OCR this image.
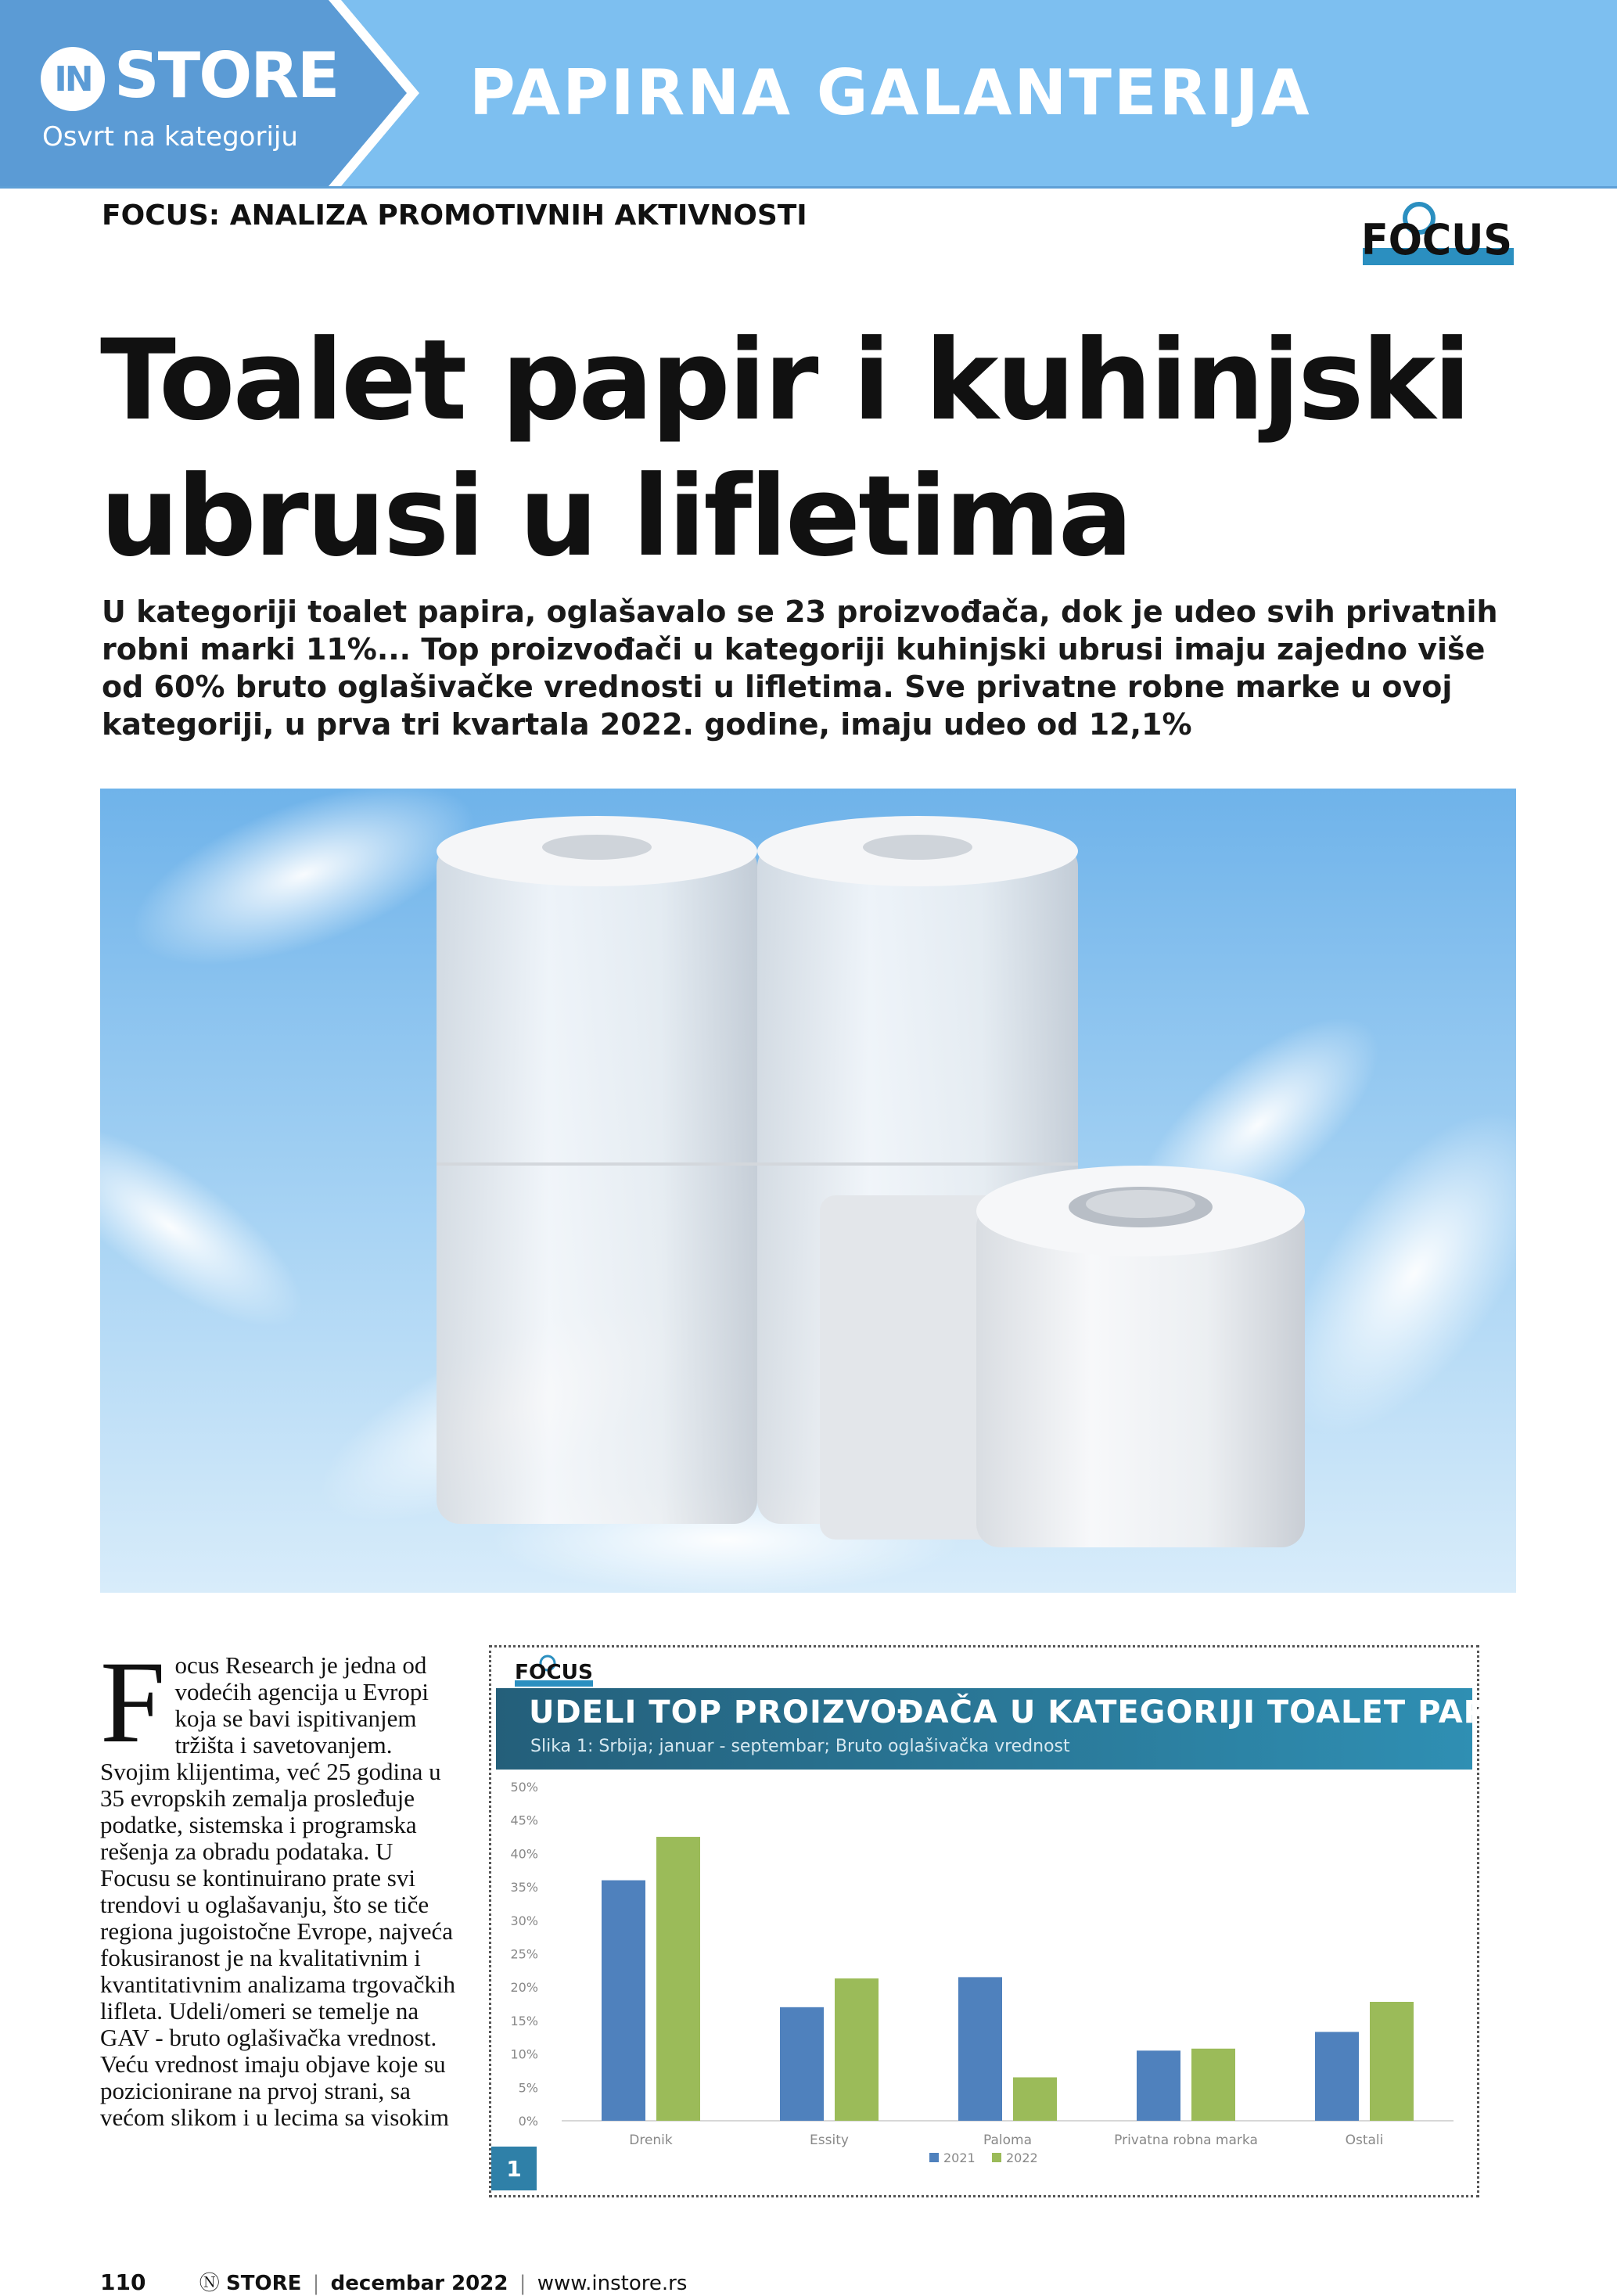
IN STORE
Osvrt na kategoriju
PAPIRNA GALANTERIJA
FOCUS: ANALIZA PROMOTIVNIH AKTIVNOSTI	FOCUS
Toalet papir i kuhinjski
ubrusi u lifletima
U kategoriji toalet papira, oglašavalo se 23 proizvođača, dok je udeo svih privatnih robni marki 11%... Top proizvođači u kategoriji kuhinjski ubrusi imaju zajedno više od 60% bruto oglašivačke vrednosti u lifletima. Sve privatne robne marke u ovoj kategoriji, u prva tri kvartala 2022. godine, imaju udeo od 12,1%
Focus Research je jedna od vodećih agencija u Evropi koja se bavi ispitivanjem tržišta i savetovanjem. Svojim klijentima, već 25 godina u 35 evropskih zemalja prosleđuje podatke, sistemska i programska rešenja za obradu podataka. U Focusu se kontinuirano prate svi trendovi u oglašavanju, što se tiče regiona jugoistočne Evrope, najveća fokusiranost je na kvalitativnim i kvantitativnim analizama trgovačkih lifleta. Udeli/omeri se temelje na GAV - bruto oglašivačka vrednost. Veću vrednost imaju objave koje su pozicionirane na prvoj strani, sa većom slikom i u lecima sa visokim
FOCUS
UDELI TOP PROIZVOĐAČA U KATEGORIJI TOALET PAPIR
Slika 1: Srbija; januar - septembar; Bruto oglašivačka vrednost
0%
5%
10%
15%
20%
25%
30%
35%
40%
45%
50%
Drenik	Essity	Paloma	Privatna robna marka	Ostali
2021 2022
1
110	Ⓝ STORE | decembar 2022 | www.instore.rs
